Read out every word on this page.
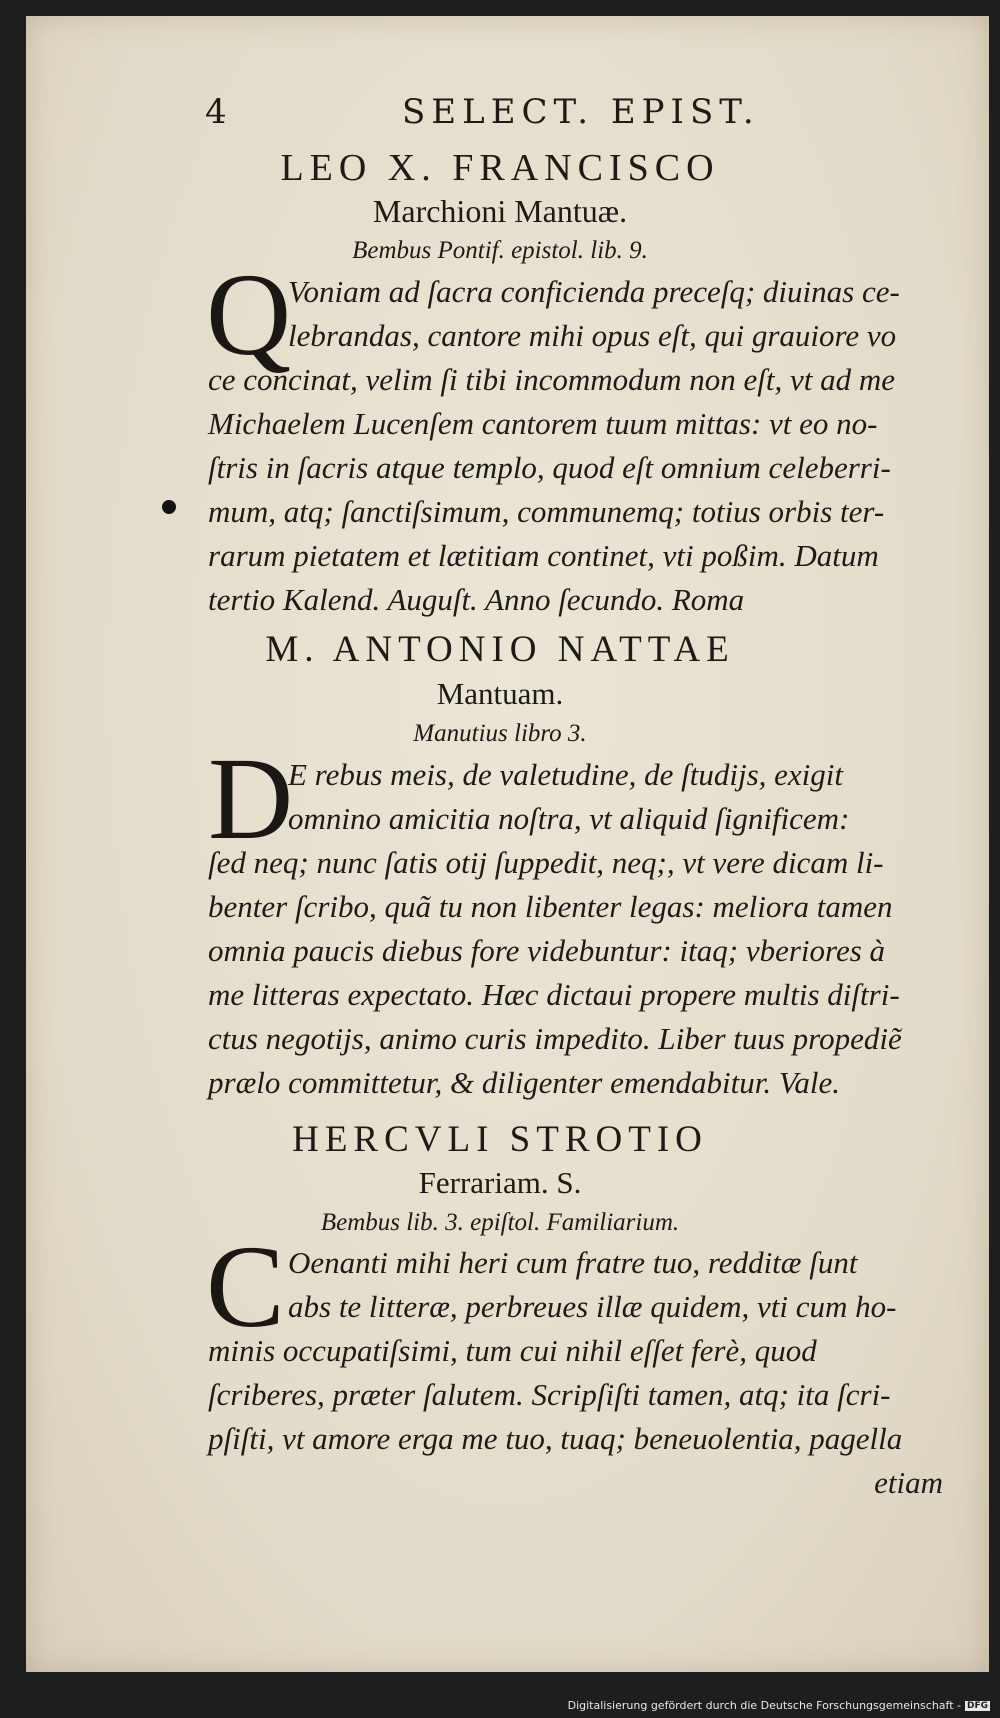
4	SELECT. EPIST.
LEO X. FRANCISCO
Marchioni Mantuæ.
Bembus Pontif. epistol. lib. 9.
Q
Voniam ad ſacra conficienda preceſq; diuinas ce-
lebrandas, cantore mihi opus eſt, qui grauiore vo
ce concinat, velim ſi tibi incommodum non eſt, vt ad me
Michaelem Lucenſem cantorem tuum mittas: vt eo no-
ſtris in ſacris atque templo, quod eſt omnium celeberri-
mum, atq; ſanctiſsimum, communemq; totius orbis ter-
rarum pietatem et lætitiam continet, vti poßim. Datum
tertio Kalend. Auguſt. Anno ſecundo. Roma
M. ANTONIO NATTAE
Mantuam.
Manutius libro 3.
D
E rebus meis, de valetudine, de ſtudijs, exigit
omnino amicitia noſtra, vt aliquid ſignificem:
ſed neq; nunc ſatis otij ſuppedit, neq;, vt vere dicam li-
benter ſcribo, quã tu non libenter legas: meliora tamen
omnia paucis diebus fore videbuntur: itaq; vberiores à
me litteras expectato. Hæc dictaui propere multis diſtri-
ctus negotijs, animo curis impedito. Liber tuus propediẽ
prælo committetur, & diligenter emendabitur. Vale.
HERCVLI STROTIO
Ferrariam. S.
Bembus lib. 3. epiſtol. Familiarium.
C Oenanti mihi heri cum fratre tuo, redditæ ſunt
abs te litteræ, perbreues illæ quidem, vti cum ho-
minis occupatiſsimi, tum cui nihil eſſet ferè, quod
ſcriberes, præter ſalutem. Scripſiſti tamen, atq; ita ſcri-
pſiſti, vt amore erga me tuo, tuaq; beneuolentia, pagella
etiam
Digitalisierung gefördert durch die Deutsche Forschungsgemeinschaft - DFG
